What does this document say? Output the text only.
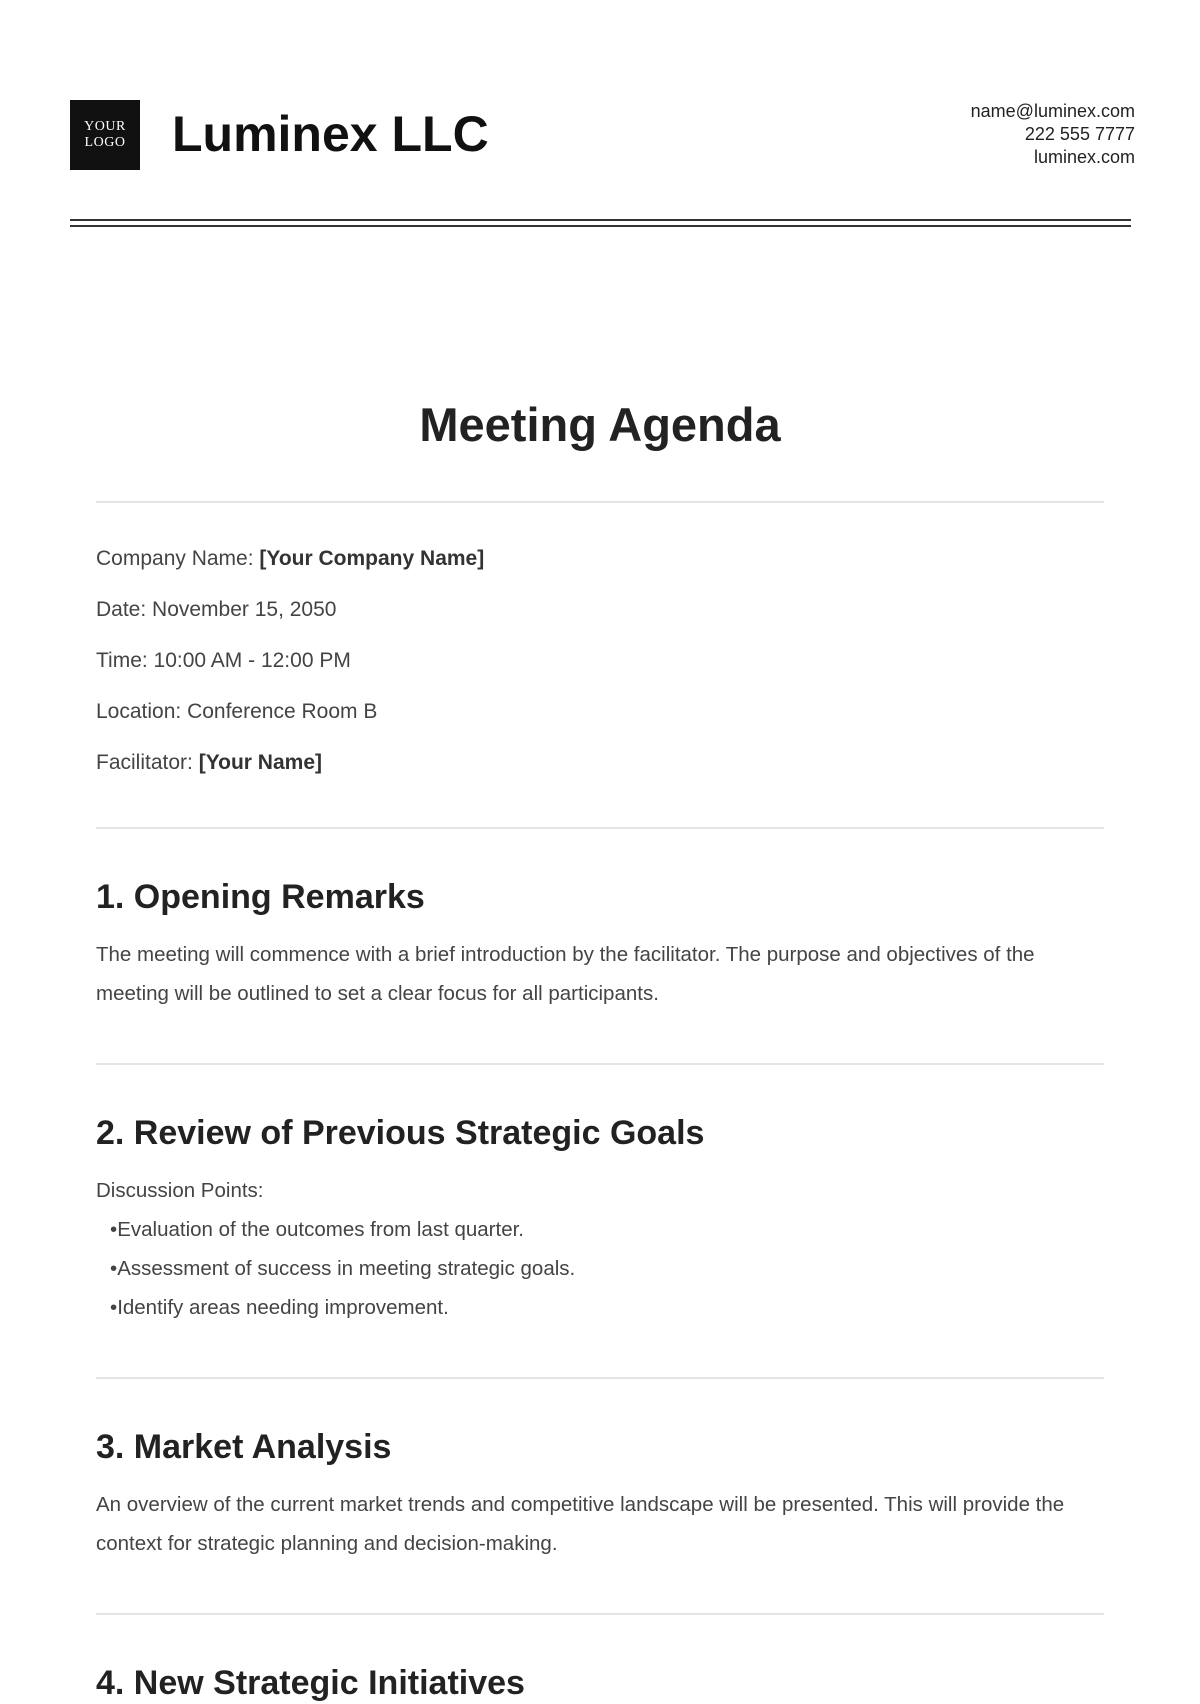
YOUR
LOGO Luminex LLC	name@luminex.com
222 555 7777
luminex.com
Meeting Agenda
Company Name: [Your Company Name]
Date: November 15, 2050
Time: 10:00 AM - 12:00 PM
Location: Conference Room B
Facilitator: [Your Name]
1. Opening Remarks

The meeting will commence with a brief introduction by the facilitator. The purpose and objectives of the meeting will be outlined to set a clear focus for all participants.

2. Review of Previous Strategic Goals
Discussion Points:
• Evaluation of the outcomes from last quarter.
• Assessment of success in meeting strategic goals.
• Identify areas needing improvement.
3. Market Analysis

An overview of the current market trends and competitive landscape will be presented. This will provide the context for strategic planning and decision-making.

4. New Strategic Initiatives
